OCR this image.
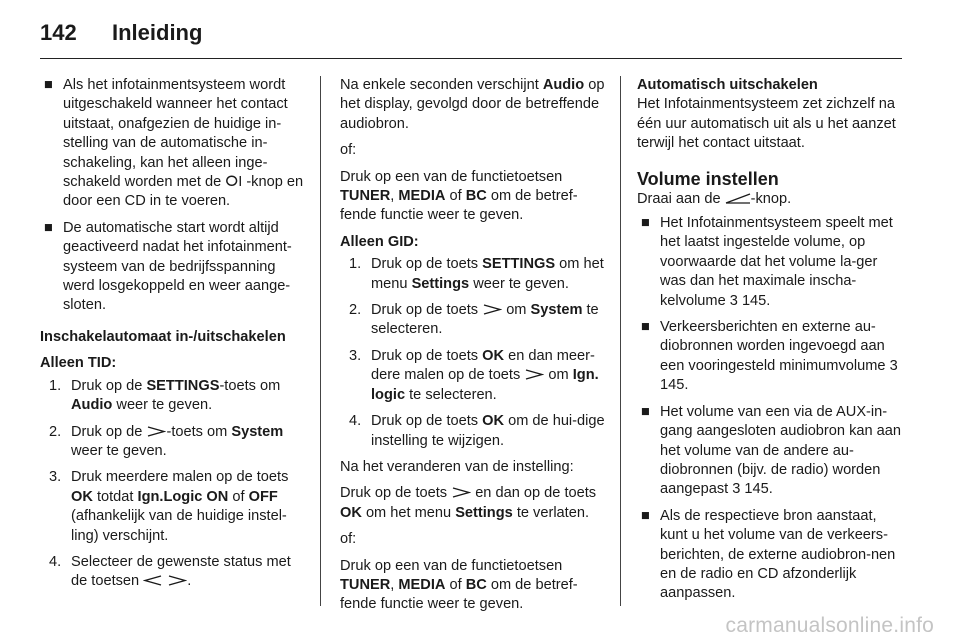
142	Inleiding

■ Als het infotainmentsysteem wordt uitgeschakeld wanneer het contact uitstaat, onafgezien de huidige in-stelling van de automatische in-schakeling, kan het alleen inge-schakeld worden met de ⵔI -knop en door een CD in te voeren.

■ De automatische start wordt altijd geactiveerd nadat het infotainment-systeem van de bedrijfsspanning werd losgekoppeld en weer aange-sloten.

Inschakelautomaat in-/uitschakelen

Alleen TID:

1. Druk op de SETTINGS-toets om Audio weer te geven.

2. Druk op de -toets om System weer te geven.

3. Druk meerdere malen op de toets OK totdat Ign.Logic ON of OFF (afhankelijk van de huidige instel-ling) verschijnt.

4. Selecteer de gewenste status met de toetsen	.

Na enkele seconden verschijnt Audio op het display, gevolgd door de betreffende audiobron.

of:

Druk op een van de functietoetsen TUNER, MEDIA of BC om de betref-fende functie weer te geven.

Alleen GID:

1. Druk op de toets SETTINGS om het menu Settings weer te geven.

2. Druk op de toets  om System te selecteren.

3. Druk op de toets OK en dan meer-dere malen op de toets  om Ign. logic te selecteren.

4. Druk op de toets OK om de hui-dige instelling te wijzigen.

Na het veranderen van de instelling:

Druk op de toets  en dan op de toets OK om het menu Settings te verlaten.

of:

Druk op een van de functietoetsen TUNER, MEDIA of BC om de betref-fende functie weer te geven.

Automatisch uitschakelen

Het Infotainmentsysteem zet zichzelf na één uur automatisch uit als u het aanzet terwijl het contact uitstaat.

Volume instellen

Draai aan de -knop.

■ Het Infotainmentsysteem speelt met het laatst ingestelde volume, op voorwaarde dat het volume la-ger was dan het maximale inscha-kelvolume 3 145.

■ Verkeersberichten en externe au-diobronnen worden ingevoegd aan een vooringesteld minimumvolume 3 145.

■ Het volume van een via de AUX-in-gang aangesloten audiobron kan aan het volume van de andere au-diobronnen (bijv. de radio) worden aangepast 3 145.

■ Als de respectieve bron aanstaat, kunt u het volume van de verkeers-berichten, de externe audiobron-nen en de radio en CD afzonderlijk aanpassen.

carmanualsonline.info
